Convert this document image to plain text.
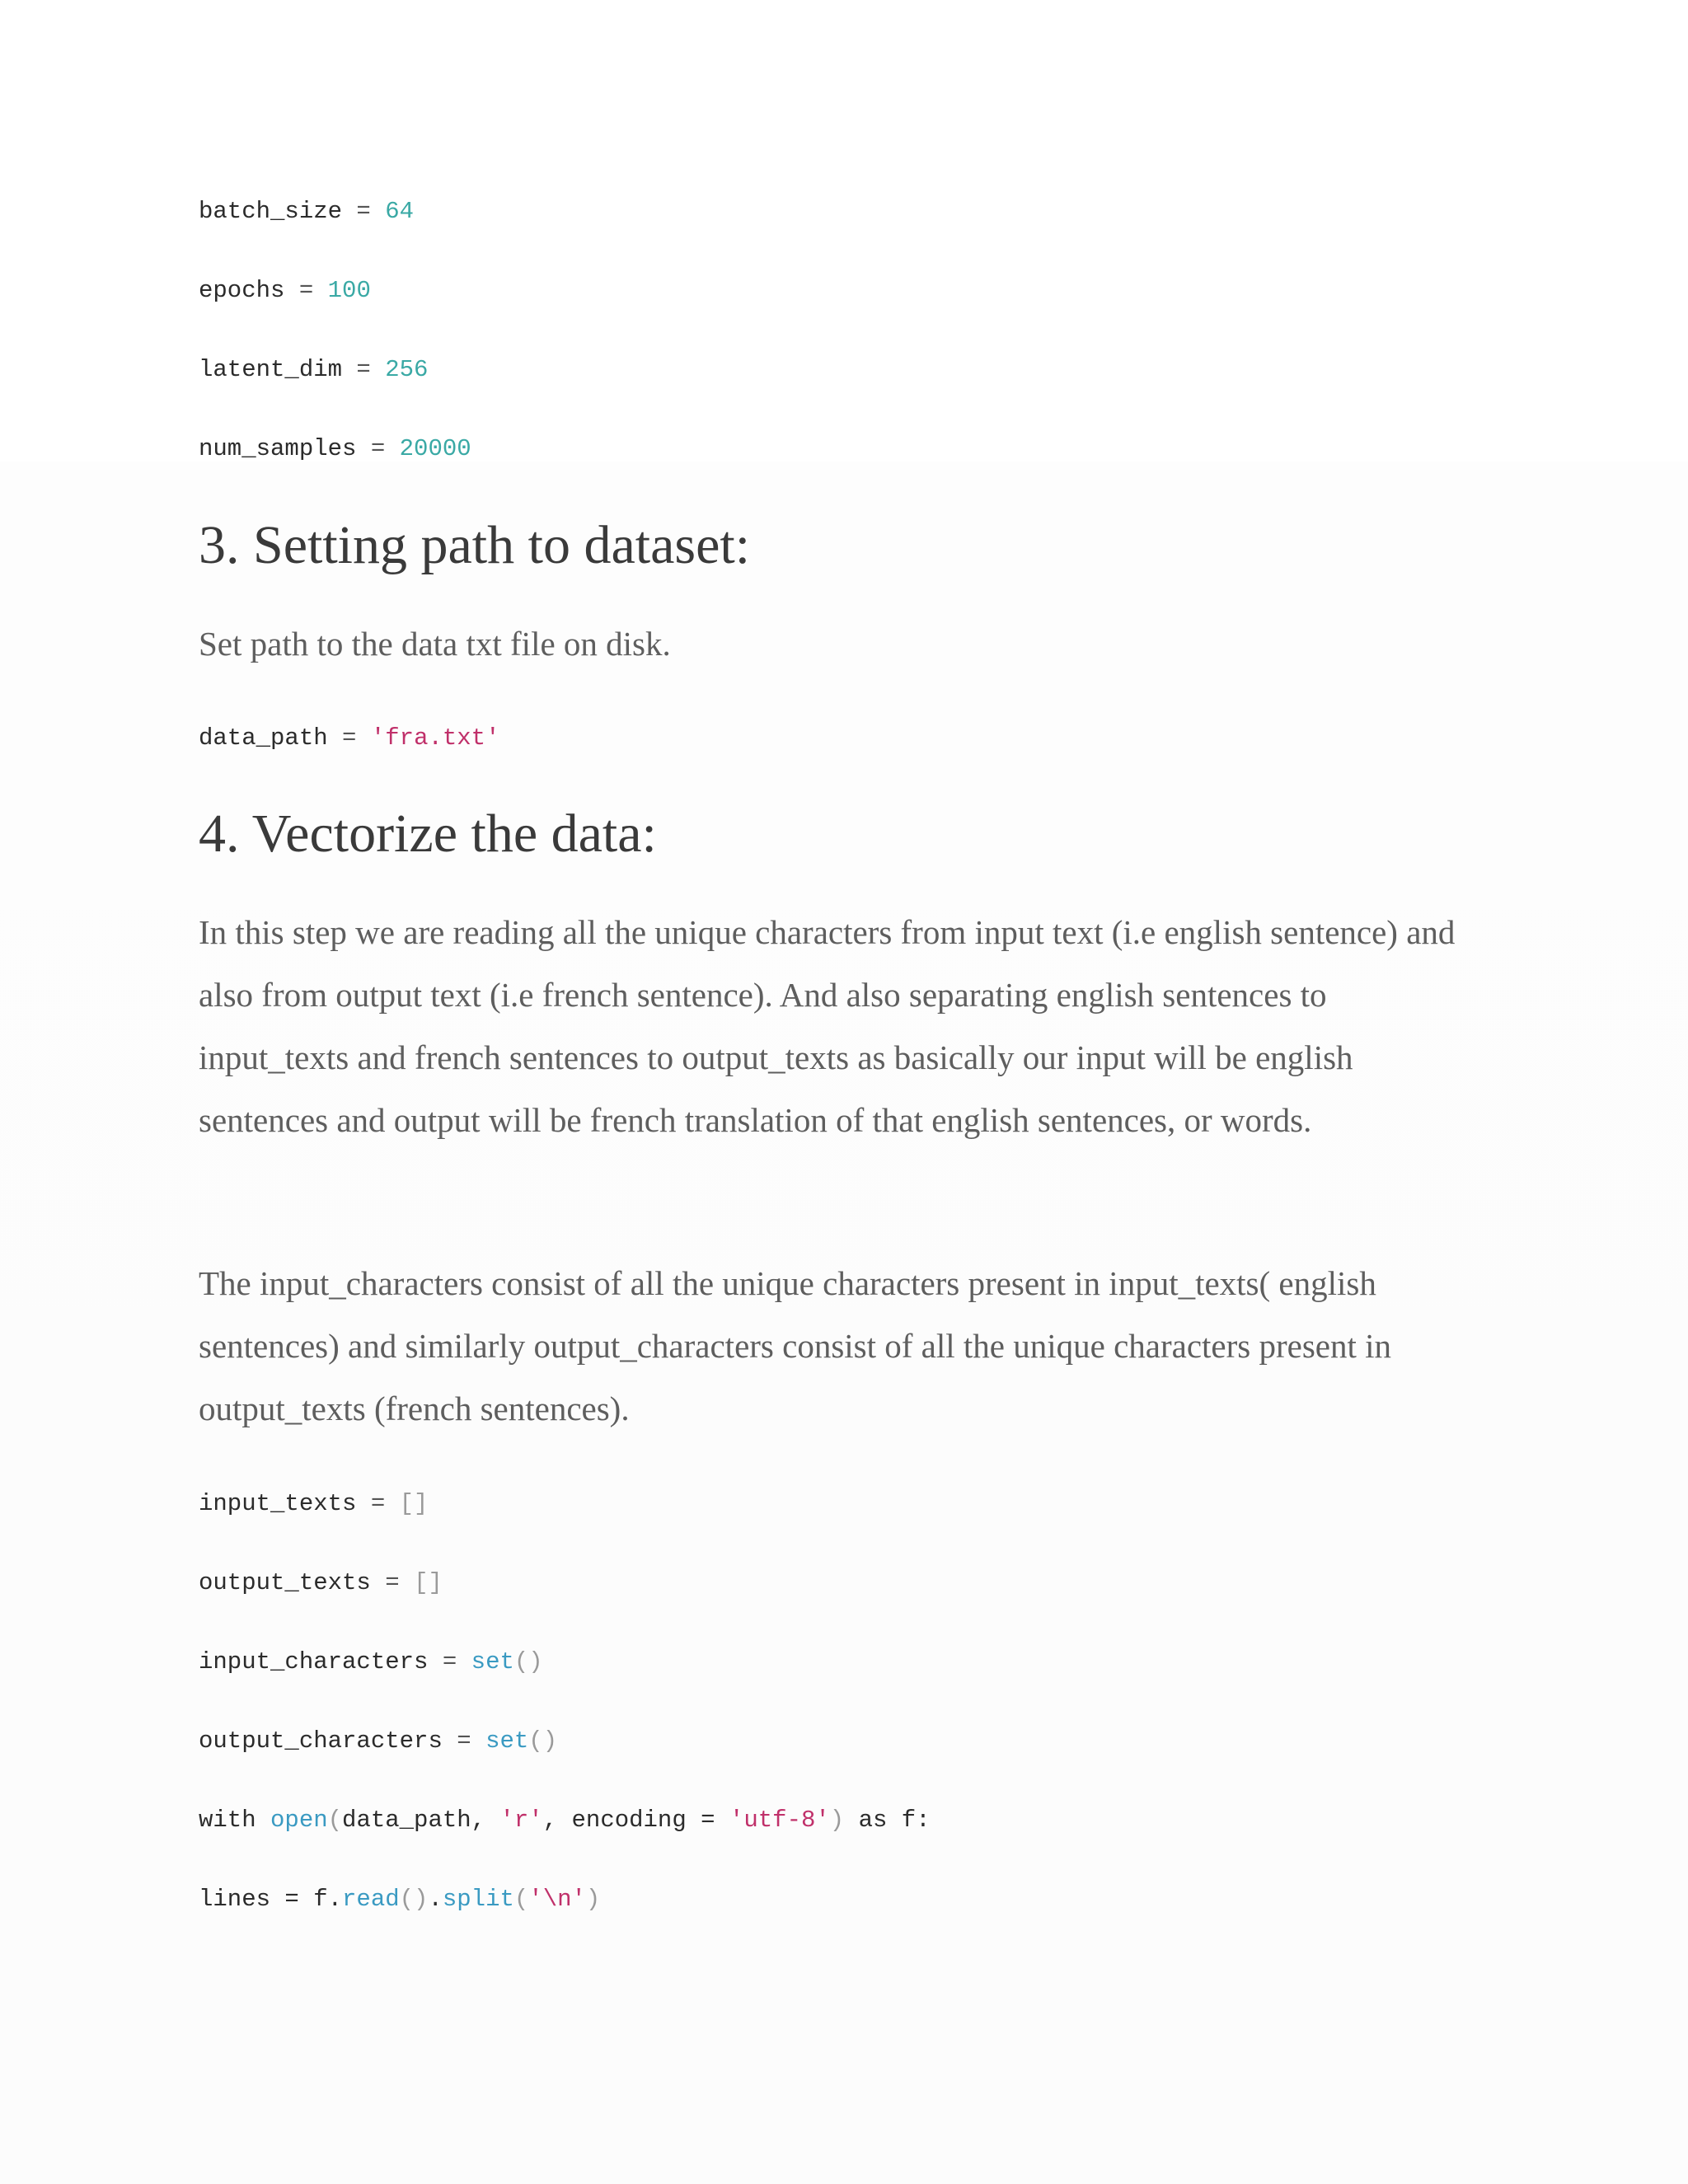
batch_size = 64
epochs = 100
latent_dim = 256
num_samples = 20000
3. Setting path to dataset:

Set path to the data txt file on disk.

data_path = 'fra.txt'
4. Vectorize the data:

In this step we are reading all the unique characters from input text (i.e english sentence) and also from output text (i.e french sentence). And also separating english sentences to input_texts and french sentences to output_texts as basically our input will be english sentences and output will be french translation of that english sentences, or words.

The input_characters consist of all the unique characters present in input_texts( english sentences) and similarly output_characters consist of all the unique characters present in output_texts (french sentences).

input_texts = []
output_texts = []
input_characters = set()
output_characters = set()
with open(data_path, 'r', encoding = 'utf-8') as f:
lines = f.read().split('\n')
